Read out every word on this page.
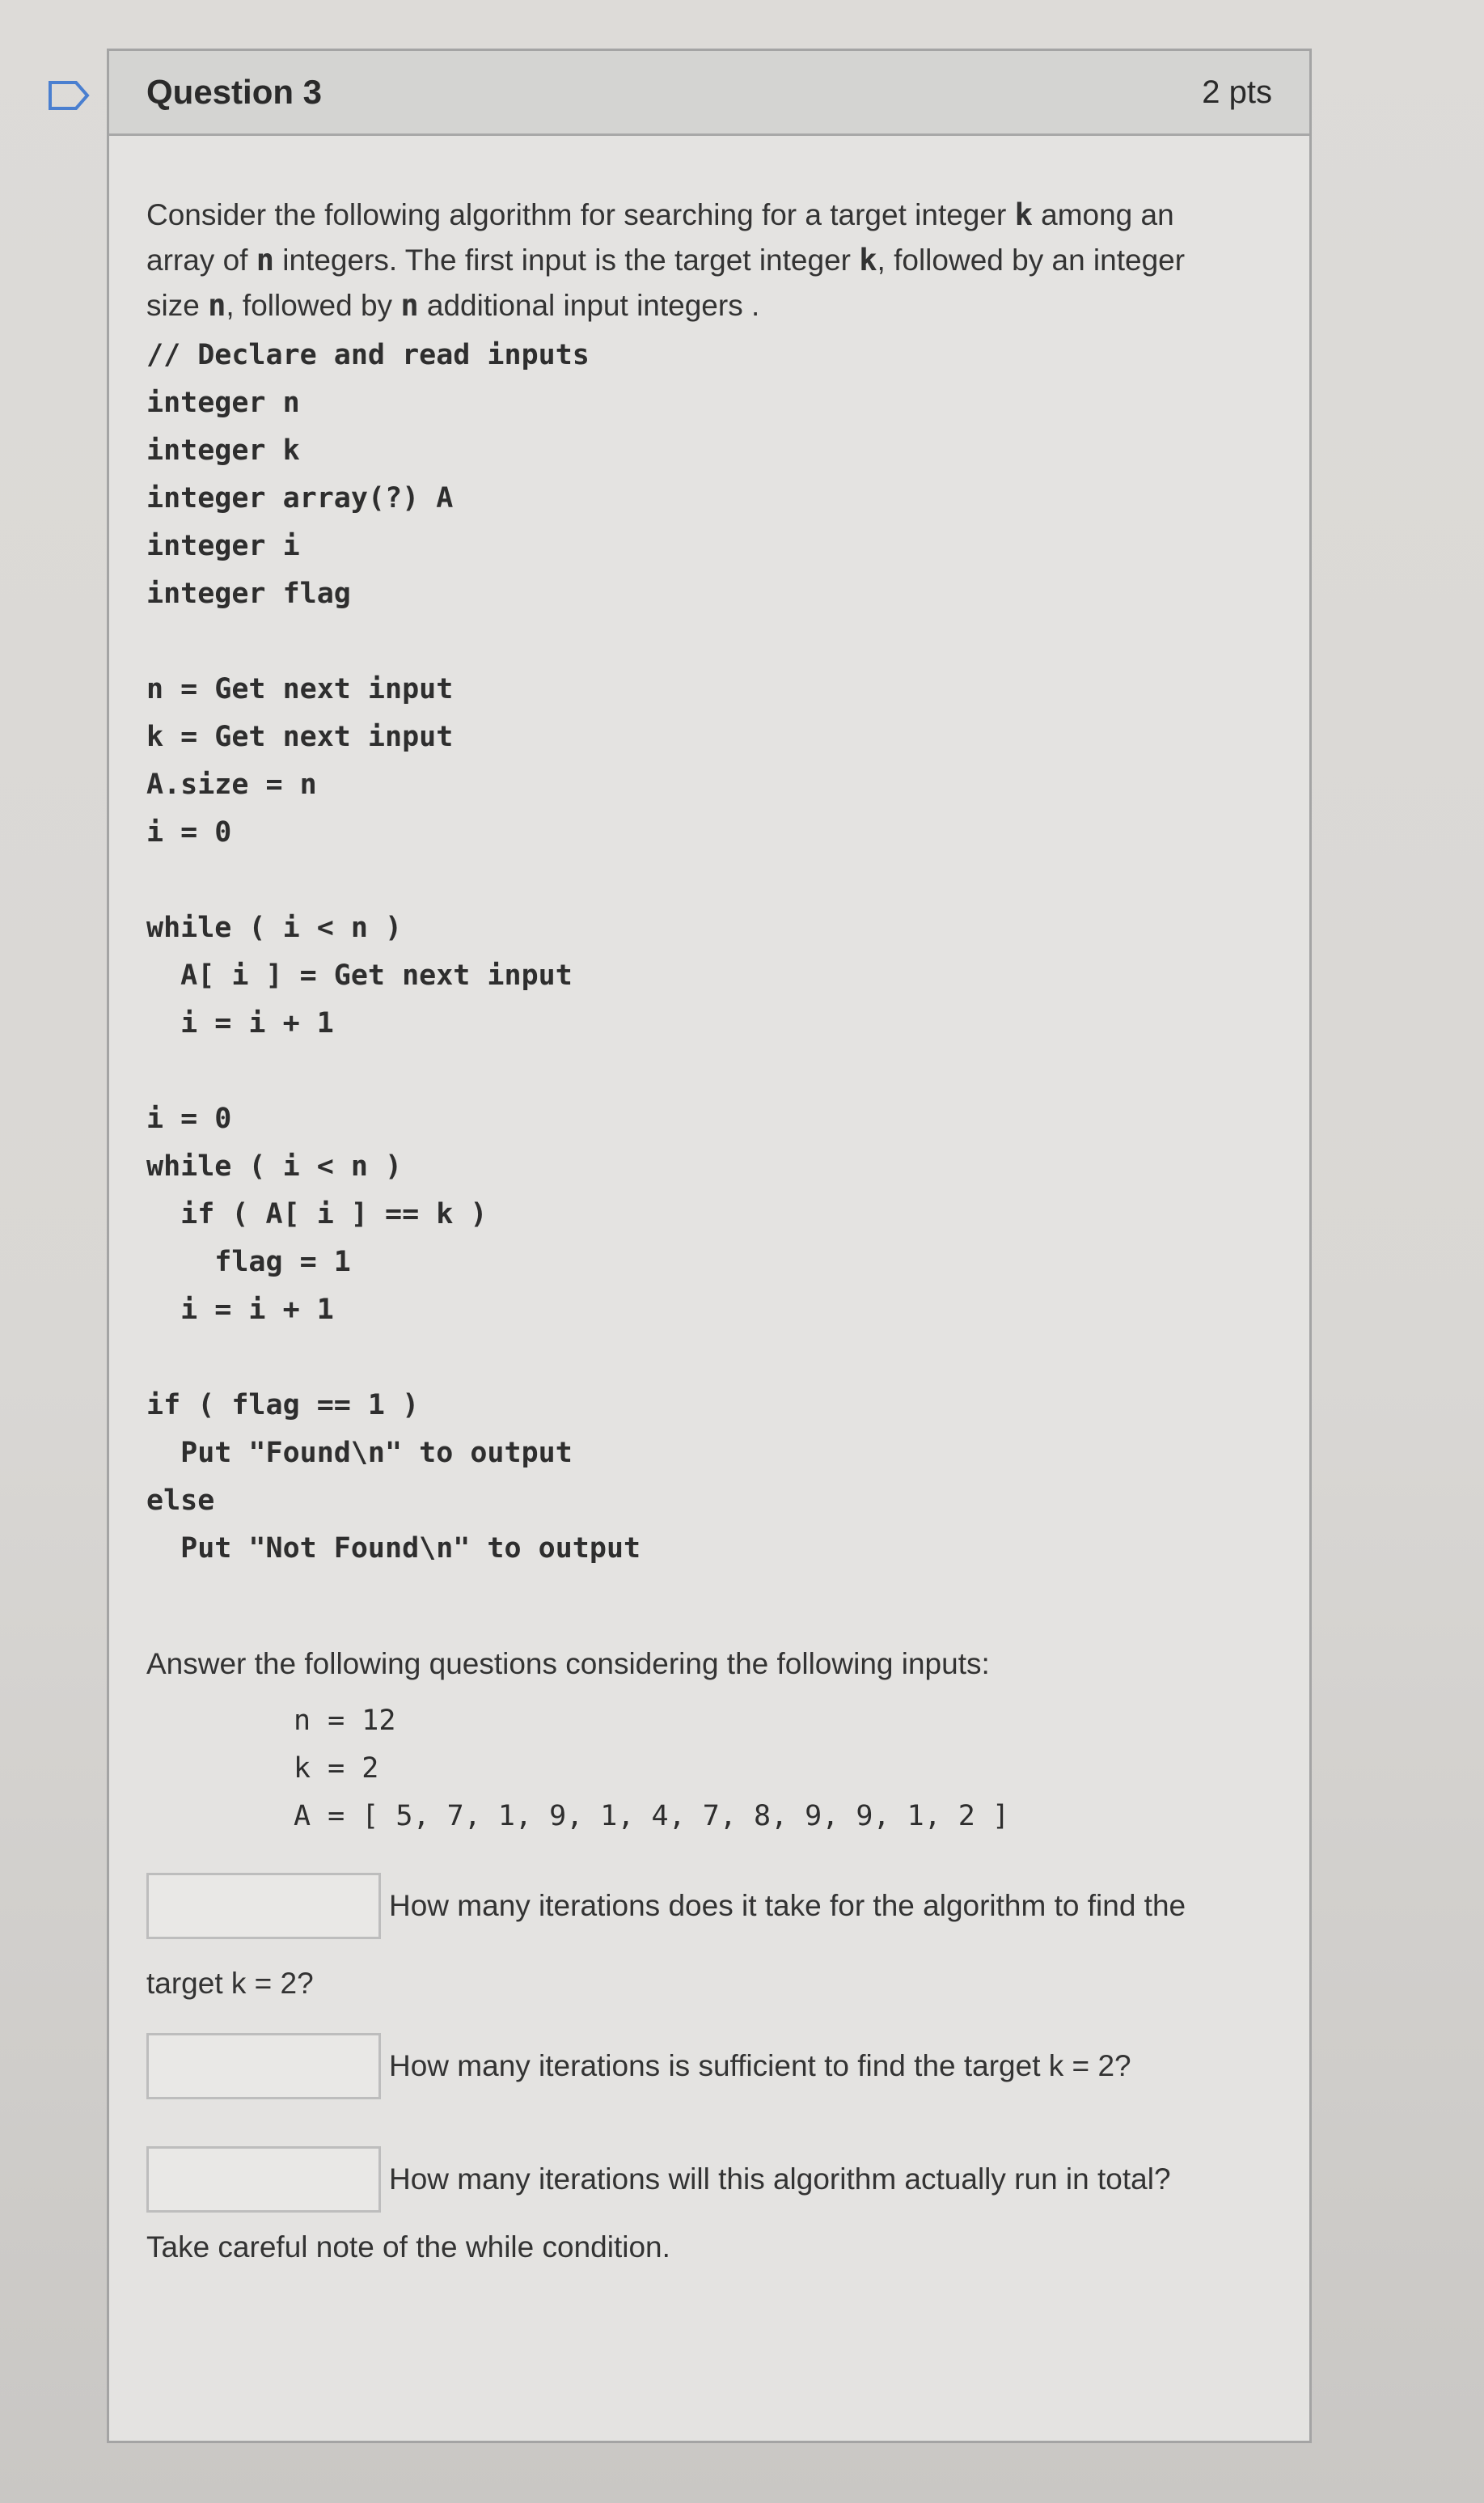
Question 3	2 pts
Consider the following algorithm for searching for a target integer k among an array of n integers. The first input is the target integer k, followed by an integer size n, followed by n additional input integers .
// Declare and read inputs
integer n
integer k
integer array(?) A
integer i
integer flag
n = Get next input
k = Get next input
A.size = n
i = 0
while ( i < n )
A[ i ] = Get next input
i = i + 1
i = 0
while ( i < n )
if ( A[ i ] == k )
flag = 1
i = i + 1
if ( flag == 1 )
Put "Found\n" to output
else
Put "Not Found\n" to output
Answer the following questions considering the following inputs:
n = 12
k = 2
A = [ 5, 7, 1, 9, 1, 4, 7, 8, 9, 9, 1, 2 ]
How many iterations does it take for the algorithm to find the
target k = 2?
How many iterations is sufficient to find the target k = 2?
How many iterations will this algorithm actually run in total?
Take careful note of the while condition.
